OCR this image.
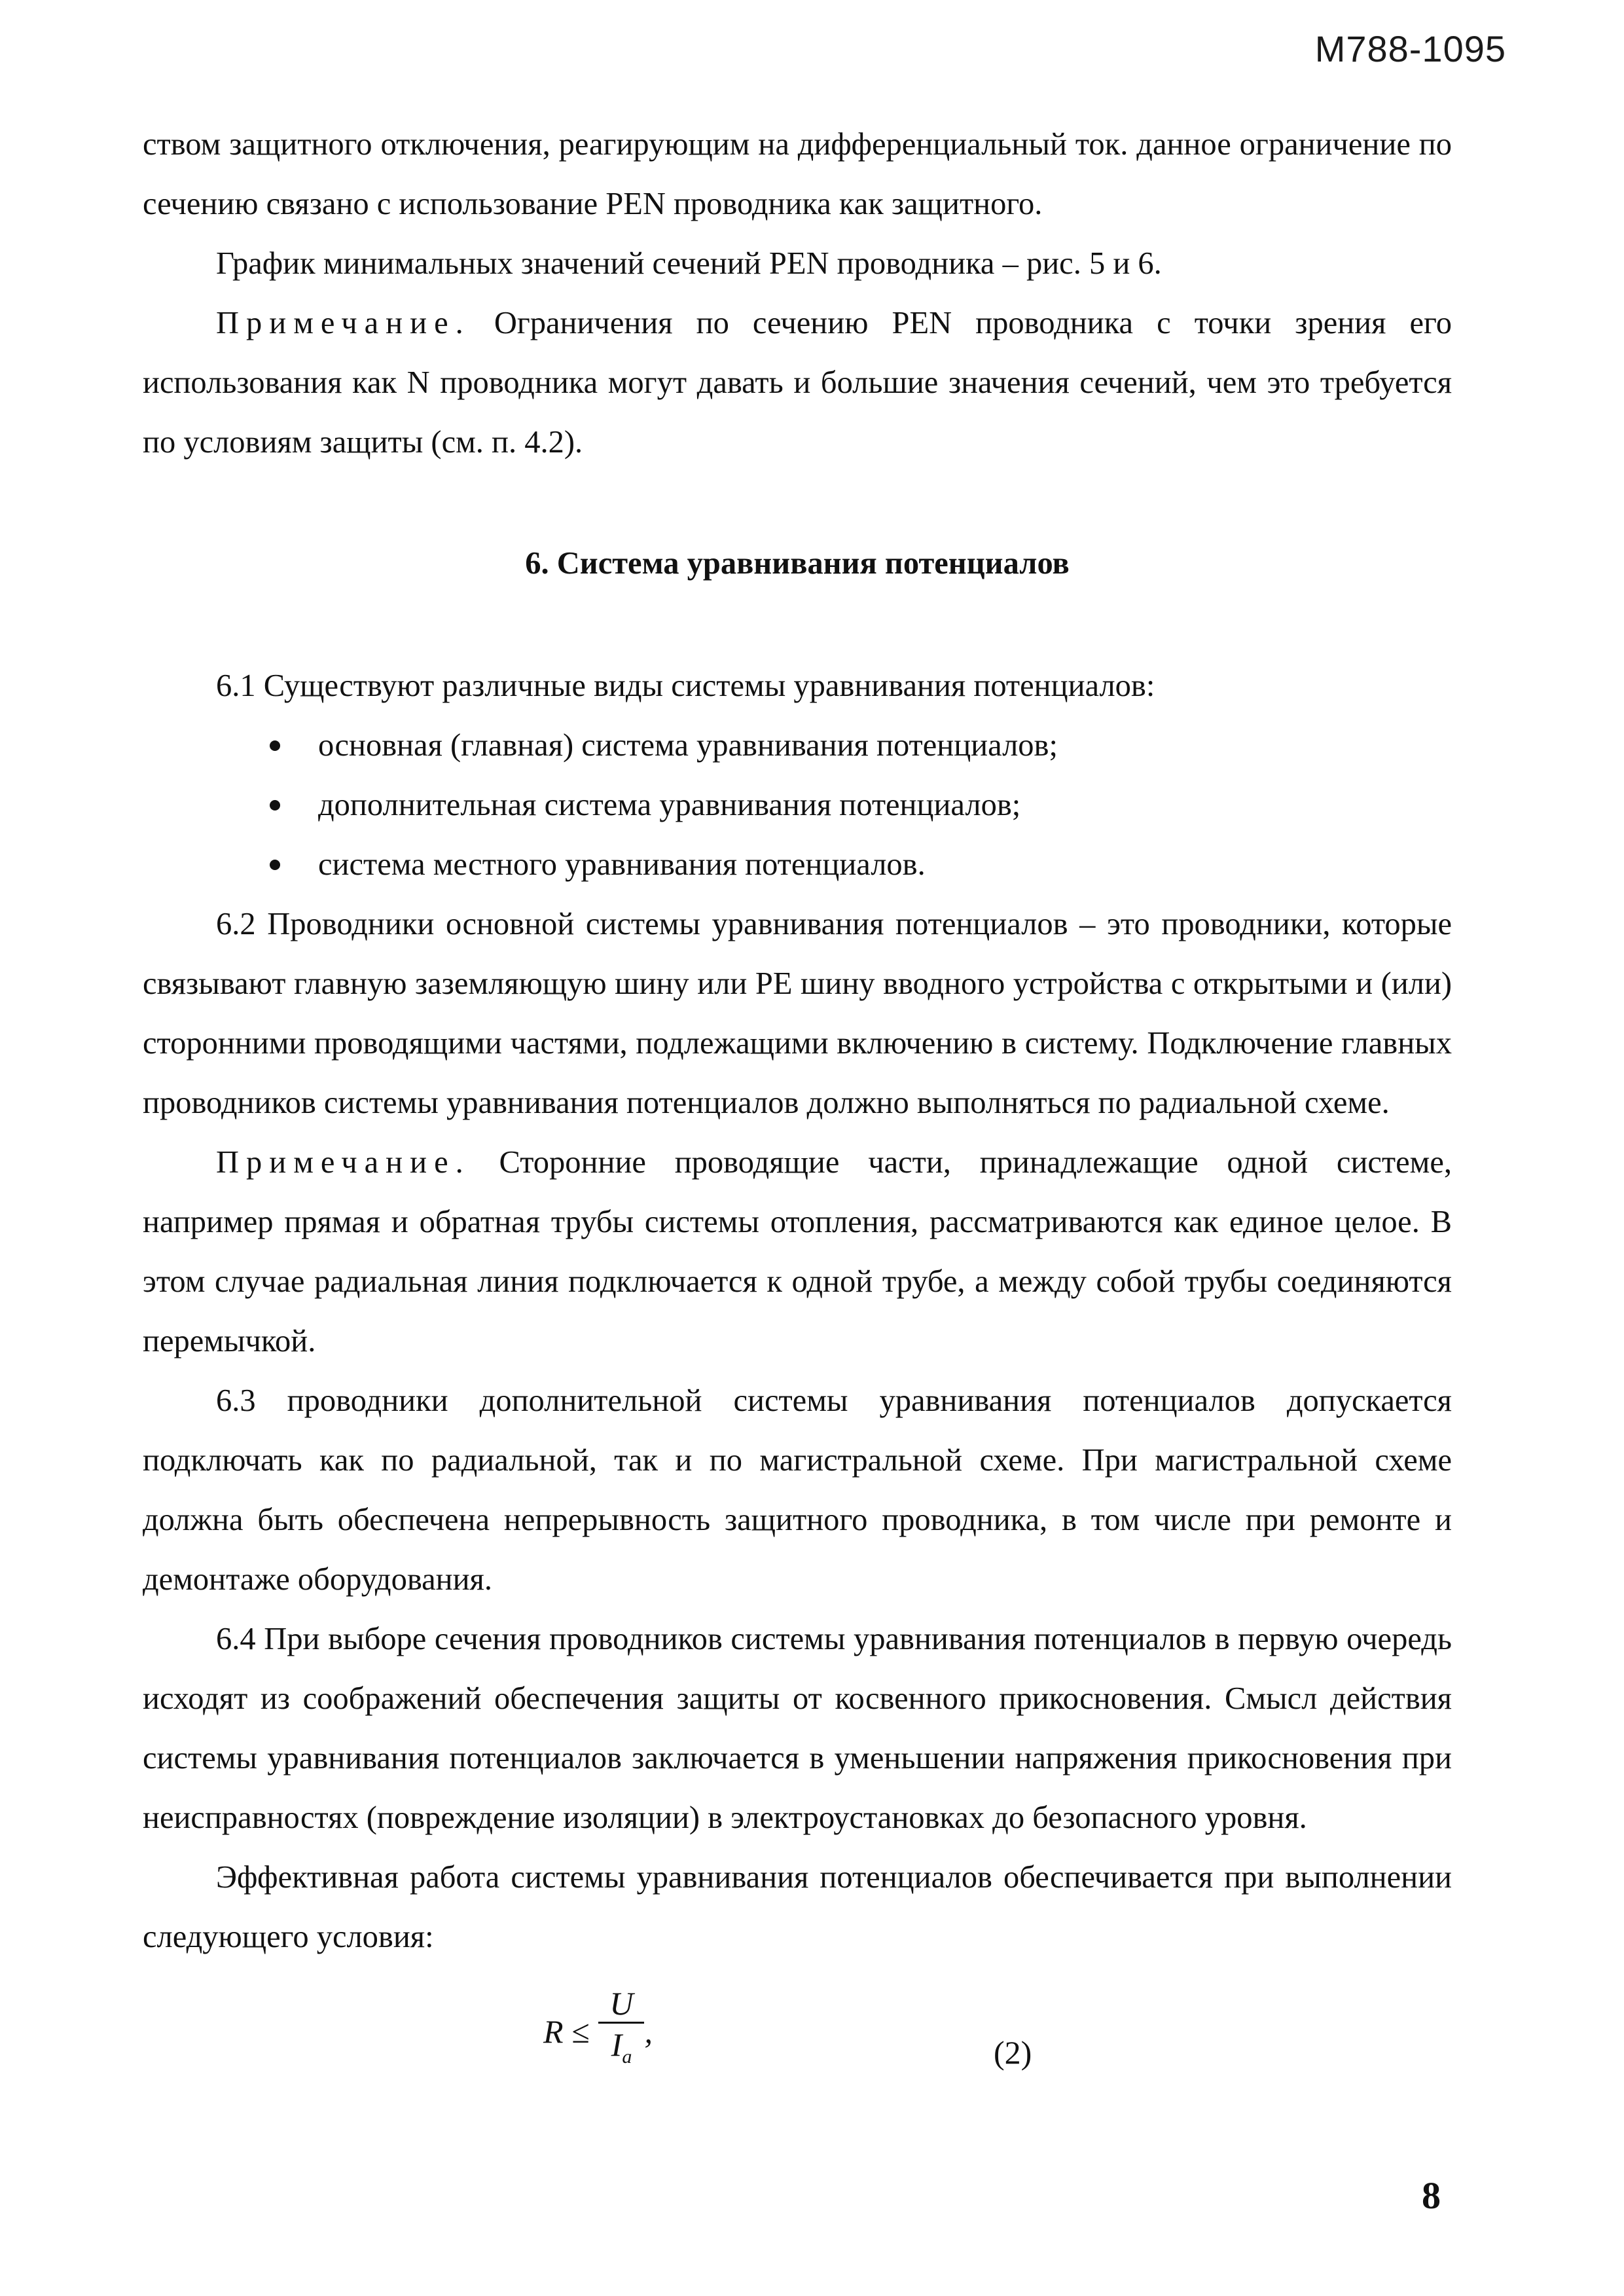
М788-1095

ством защитного отключения, реагирующим на дифференциальный ток. данное ограничение по сечению связано с использование PEN проводника как защитного.

График минимальных значений сечений PEN проводника – рис. 5 и 6.

Примечание. Ограничения по сечению PEN проводника с точки зрения его использования как N проводника могут давать и большие значения сечений, чем это требуется по условиям защиты (см. п. 4.2).

6. Система уравнивания потенциалов

6.1 Существуют различные виды системы уравнивания потенциалов:

основная (главная) система уравнивания потенциалов;
дополнительная система уравнивания потенциалов;
система местного уравнивания потенциалов.

6.2 Проводники основной системы уравнивания потенциалов – это проводники, которые связывают главную заземляющую шину или РЕ шину вводного устройства с открытыми и (или) сторонними проводящими частями, подлежащими включению в систему. Подключение главных проводников системы уравнивания потенциалов должно выполняться по радиальной схеме.

Примечание. Сторонние проводящие части, принадлежащие одной системе, например прямая и обратная трубы системы отопления, рассматриваются как единое целое. В этом случае радиальная линия подключается к одной трубе, а между собой трубы соединяются перемычкой.

6.3 проводники дополнительной системы уравнивания потенциалов допускается подключать как по радиальной, так и по магистральной схеме. При магистральной схеме должна быть обеспечена непрерывность защитного проводника, в том числе при ремонте и демонтаже оборудования.

6.4 При выборе сечения проводников системы уравнивания потенциалов в первую очередь исходят из соображений обеспечения защиты от косвенного прикосновения. Смысл действия системы уравнивания потенциалов заключается в уменьшении напряжения прикосновения при неисправностях (повреждение изоляции) в электроустановках до безопасного уровня.

Эффективная работа системы уравнивания потенциалов обеспечивается при выполнении следующего условия:

$R \le \frac{U}{I_a}$ ,
(2)
8
